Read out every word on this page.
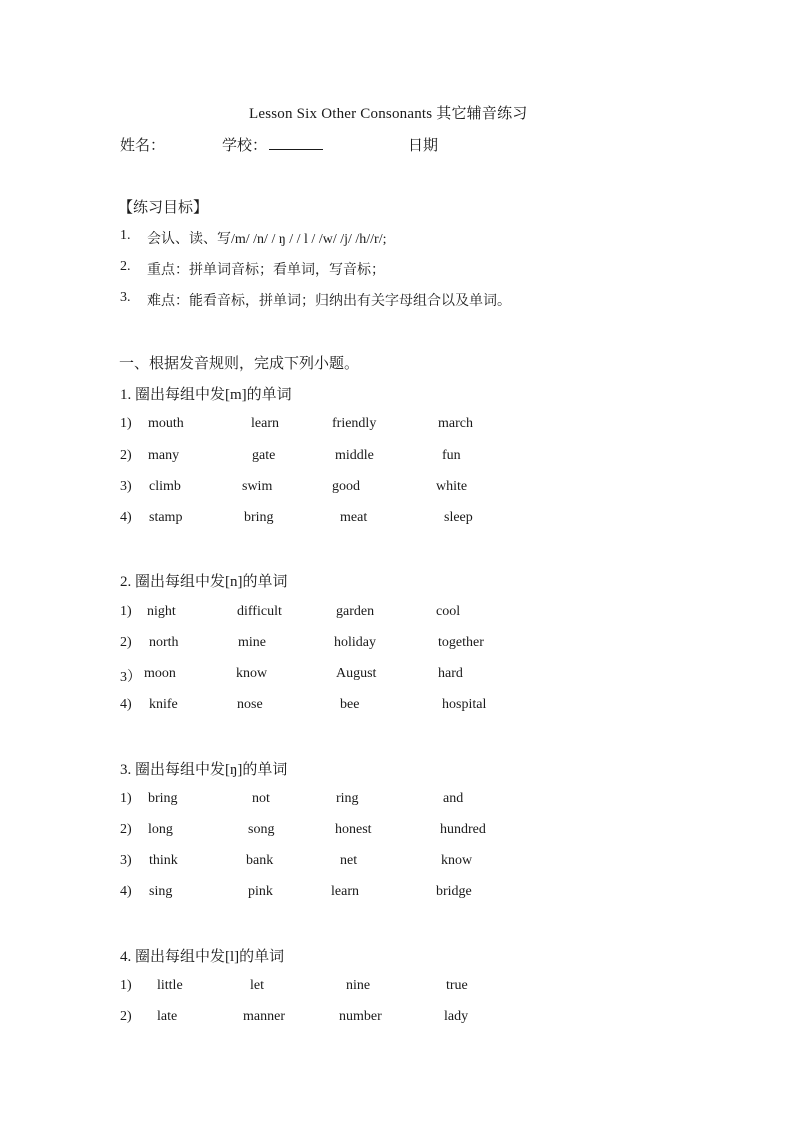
Lesson Six Other Consonants 其它辅音练习
姓名：	学校：	日期
【练习目标】
1. 会认、读、写/m/ /n/ / ŋ / / l / /w/ /j/ /h//r/;
2. 重点：拼单词音标；看单词，写音标；
3. 难点：能看音标，拼单词；归纳出有关字母组合以及单词。
一、根据发音规则，完成下列小题。
1. 圈出每组中发[m]的单词
1) mouth	learn	friendly	march
2) many	gate	middle	fun
3) climb	swim	good	white
4) stamp	bring	meat	sleep
2. 圈出每组中发[n]的单词
1) night	difficult	garden	cool
2) north	mine	holiday	together
3） moon	know	August	hard
4) knife	nose	bee	hospital
3. 圈出每组中发[ŋ]的单词
1) bring	not	ring	and
2) long	song	honest	hundred
3) think	bank	net	know
4) sing	pink	learn	bridge
4. 圈出每组中发[l]的单词
1) little	let	nine	true
2) late	manner	number	lady
